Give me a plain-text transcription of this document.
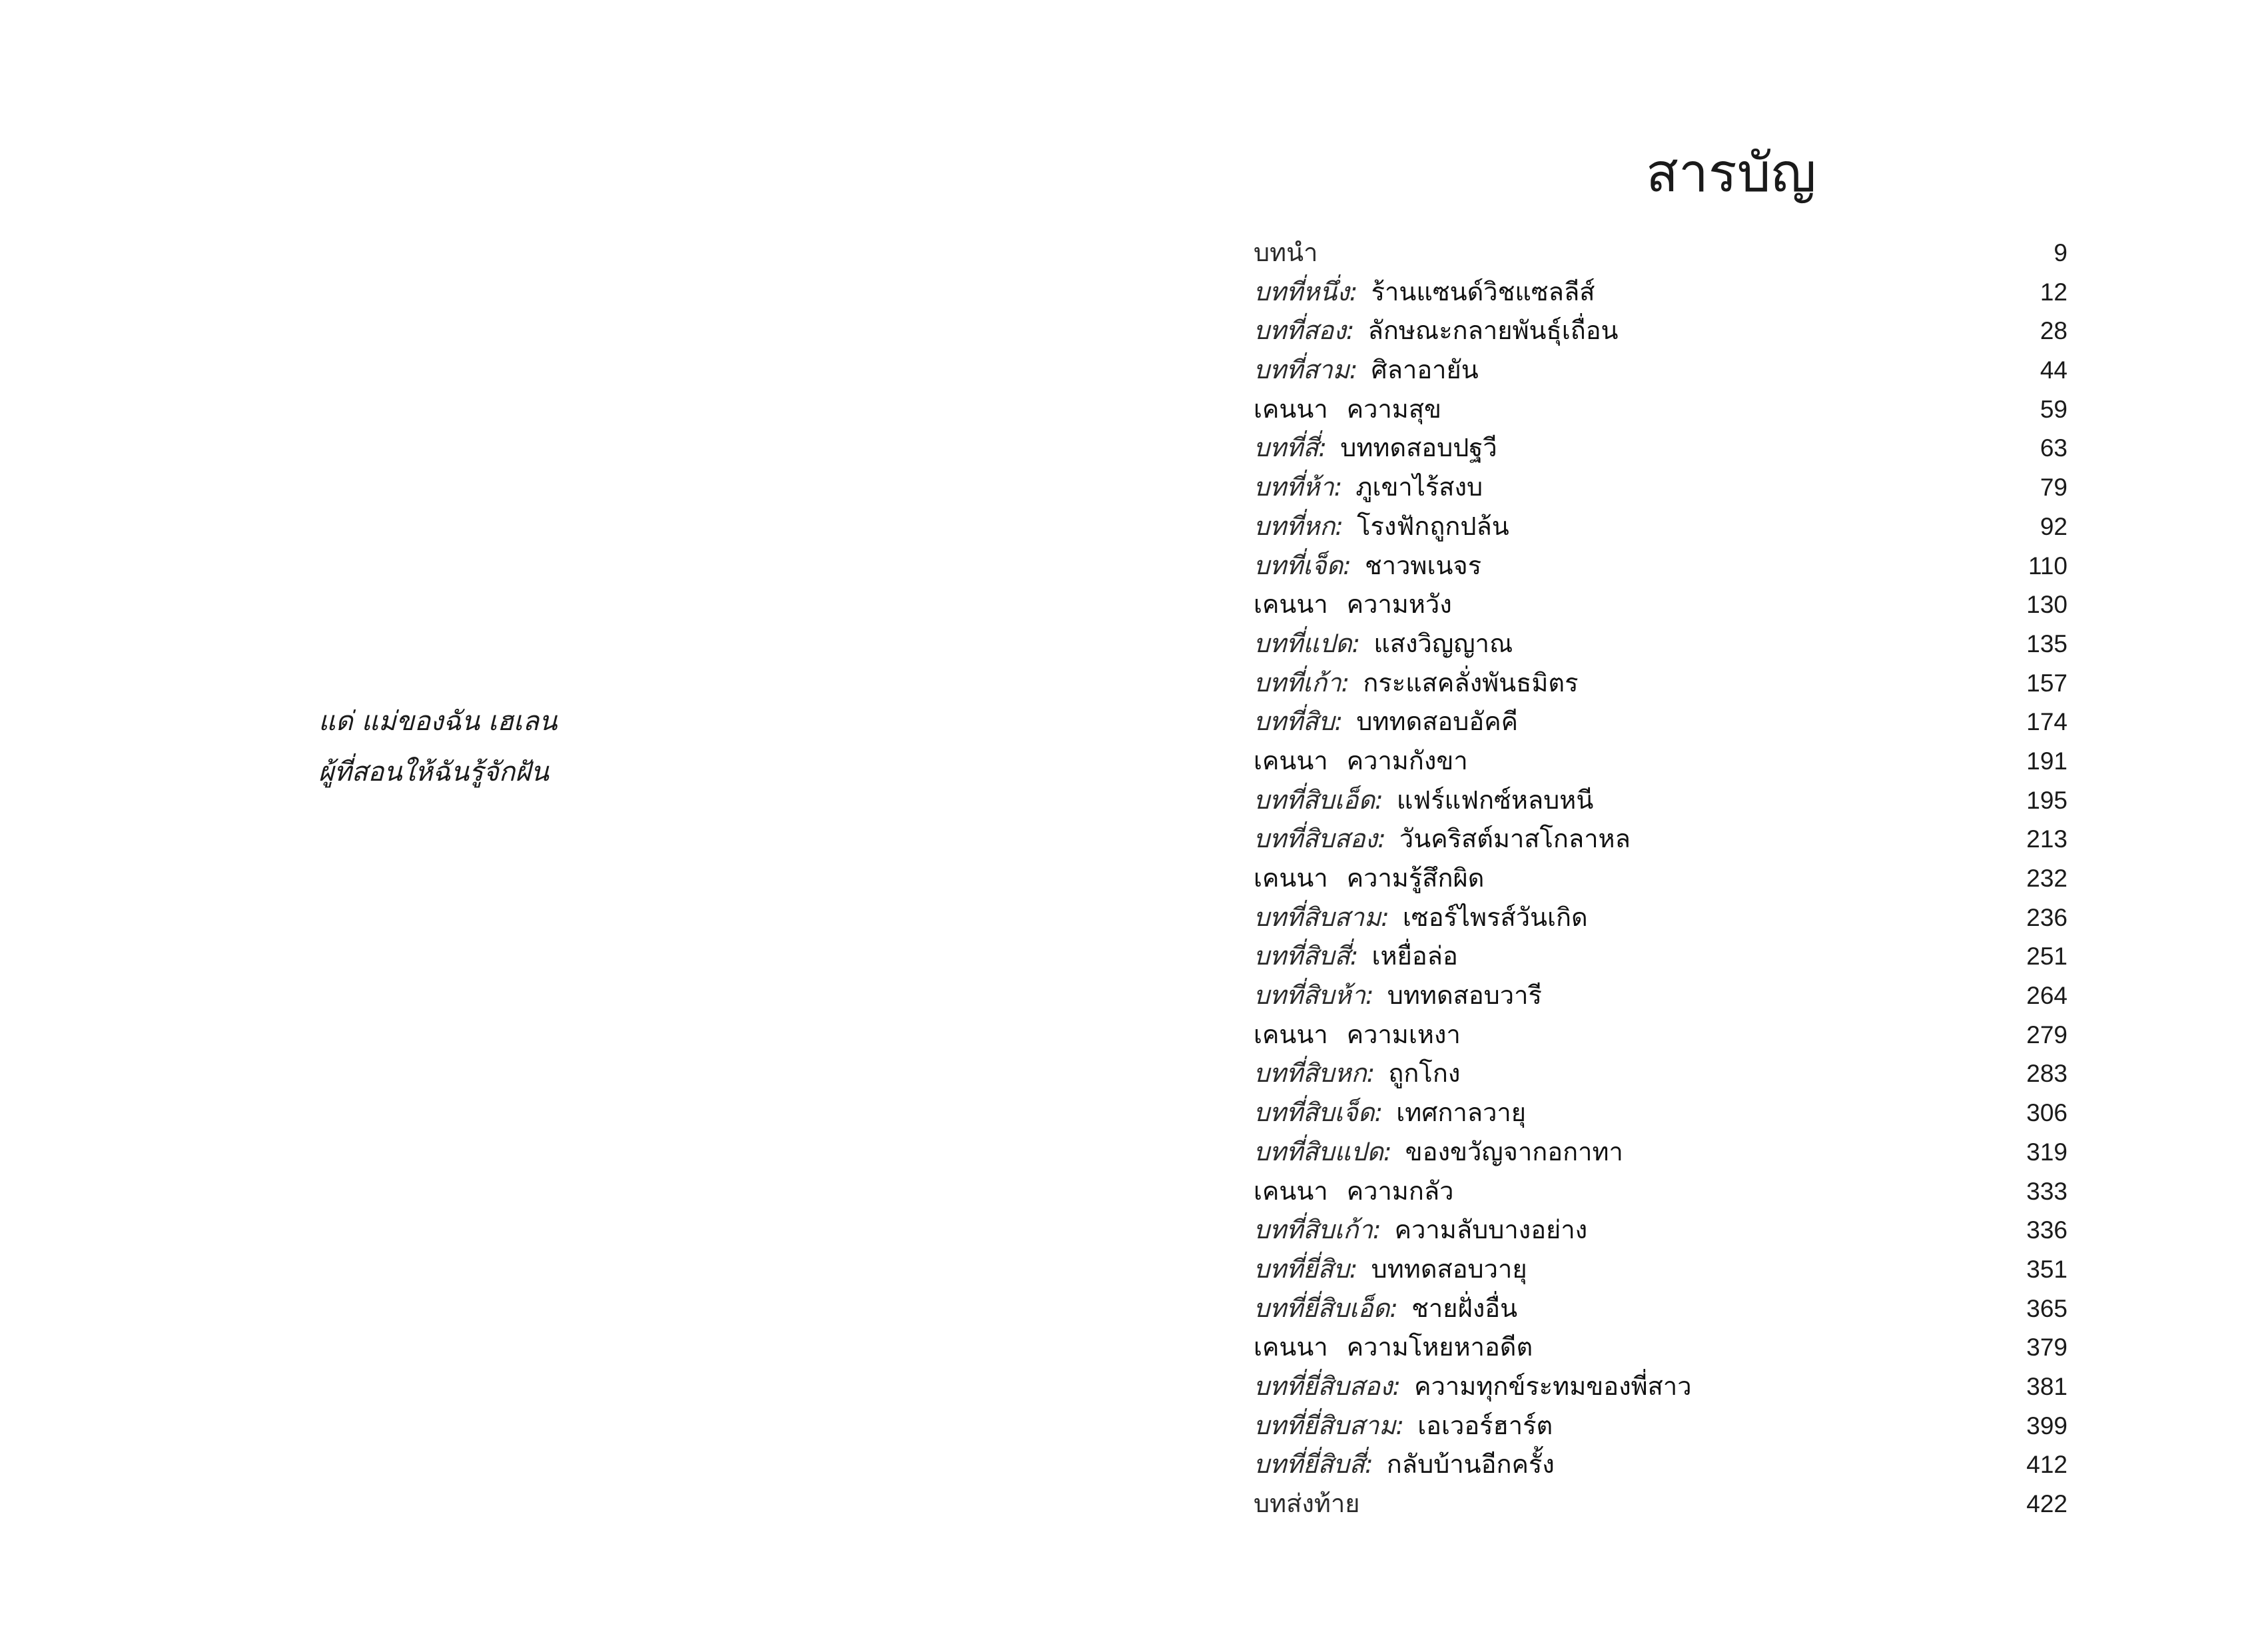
แด่ แม่ของฉัน เฮเลน
ผู้ที่สอนให้ฉันรู้จักฝัน
สารบัญ
บทนำ	9
บทที่หนึ่ง: ร้านแซนด์วิชแซลลีส์	12
บทที่สอง: ลักษณะกลายพันธุ์เถื่อน	28
บทที่สาม: ศิลาอายัน	44
เคนนา ความสุข	59
บทที่สี่: บททดสอบปฐวี	63
บทที่ห้า: ภูเขาไร้สงบ	79
บทที่หก: โรงฟักถูกปล้น	92
บทที่เจ็ด: ชาวพเนจร	110
เคนนา ความหวัง	130
บทที่แปด: แสงวิญญาณ	135
บทที่เก้า: กระแสคลั่งพันธมิตร	157
บทที่สิบ: บททดสอบอัคคี	174
เคนนา ความกังขา	191
บทที่สิบเอ็ด: แฟร์แฟกซ์หลบหนี	195
บทที่สิบสอง: วันคริสต์มาสโกลาหล	213
เคนนา ความรู้สึกผิด	232
บทที่สิบสาม: เซอร์ไพรส์วันเกิด	236
บทที่สิบสี่: เหยื่อล่อ	251
บทที่สิบห้า: บททดสอบวารี	264
เคนนา ความเหงา	279
บทที่สิบหก: ถูกโกง	283
บทที่สิบเจ็ด: เทศกาลวายุ	306
บทที่สิบแปด: ของขวัญจากอกาทา	319
เคนนา ความกลัว	333
บทที่สิบเก้า: ความลับบางอย่าง	336
บทที่ยี่สิบ: บททดสอบวายุ	351
บทที่ยี่สิบเอ็ด: ชายฝั่งอื่น	365
เคนนา ความโหยหาอดีต	379
บทที่ยี่สิบสอง: ความทุกข์ระทมของพี่สาว	381
บทที่ยี่สิบสาม: เอเวอร์ฮาร์ต	399
บทที่ยี่สิบสี่: กลับบ้านอีกครั้ง	412
บทส่งท้าย	422
